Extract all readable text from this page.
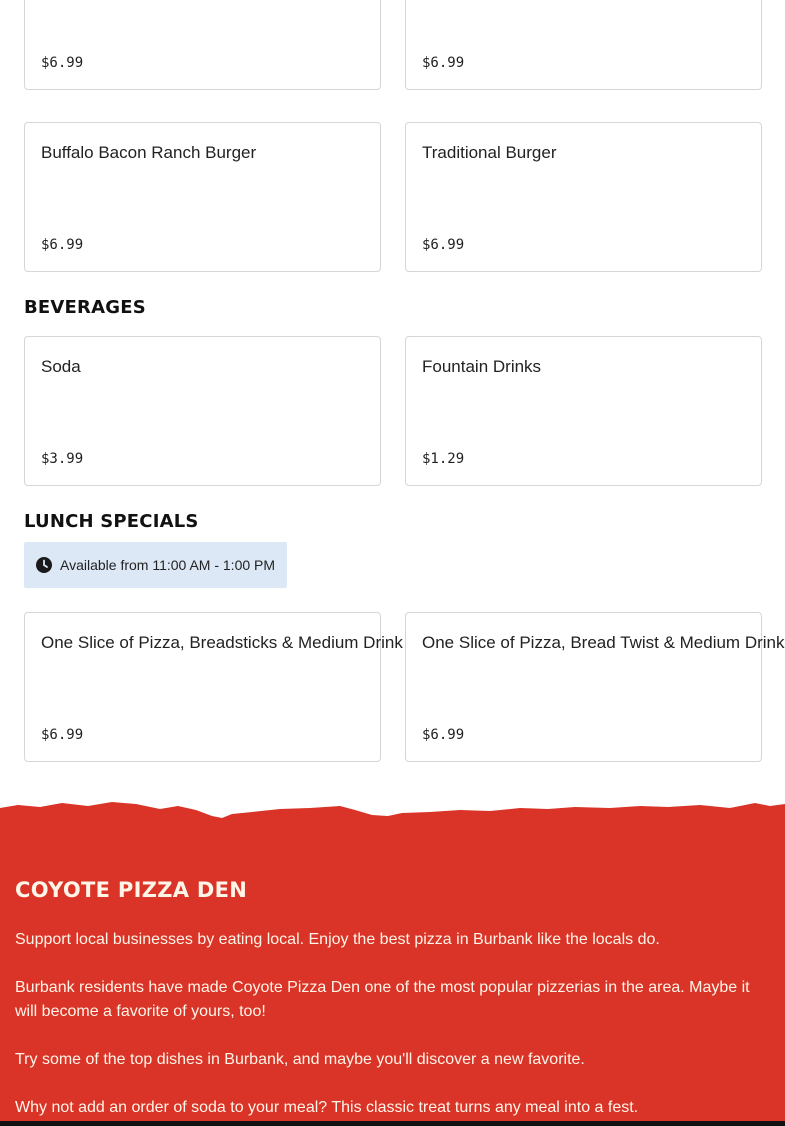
$6.99	$6.99
Buffalo Bacon Ranch Burger
$6.99
Traditional Burger
$6.99
BEVERAGES
Soda
$3.99
Fountain Drinks
$1.29
LUNCH SPECIALS
Available from 11:00 AM - 1:00 PM
One Slice of Pizza, Breadsticks & Medium Drink
$6.99
One Slice of Pizza, Bread Twist & Medium Drink
$6.99
COYOTE PIZZA DEN

Support local businesses by eating local. Enjoy the best pizza in Burbank like the locals do.

Burbank residents have made Coyote Pizza Den one of the most popular pizzerias in the area. Maybe it will become a favorite of yours, too!

Try some of the top dishes in Burbank, and maybe you'll discover a new favorite.

Why not add an order of soda to your meal? This classic treat turns any meal into a fest.
